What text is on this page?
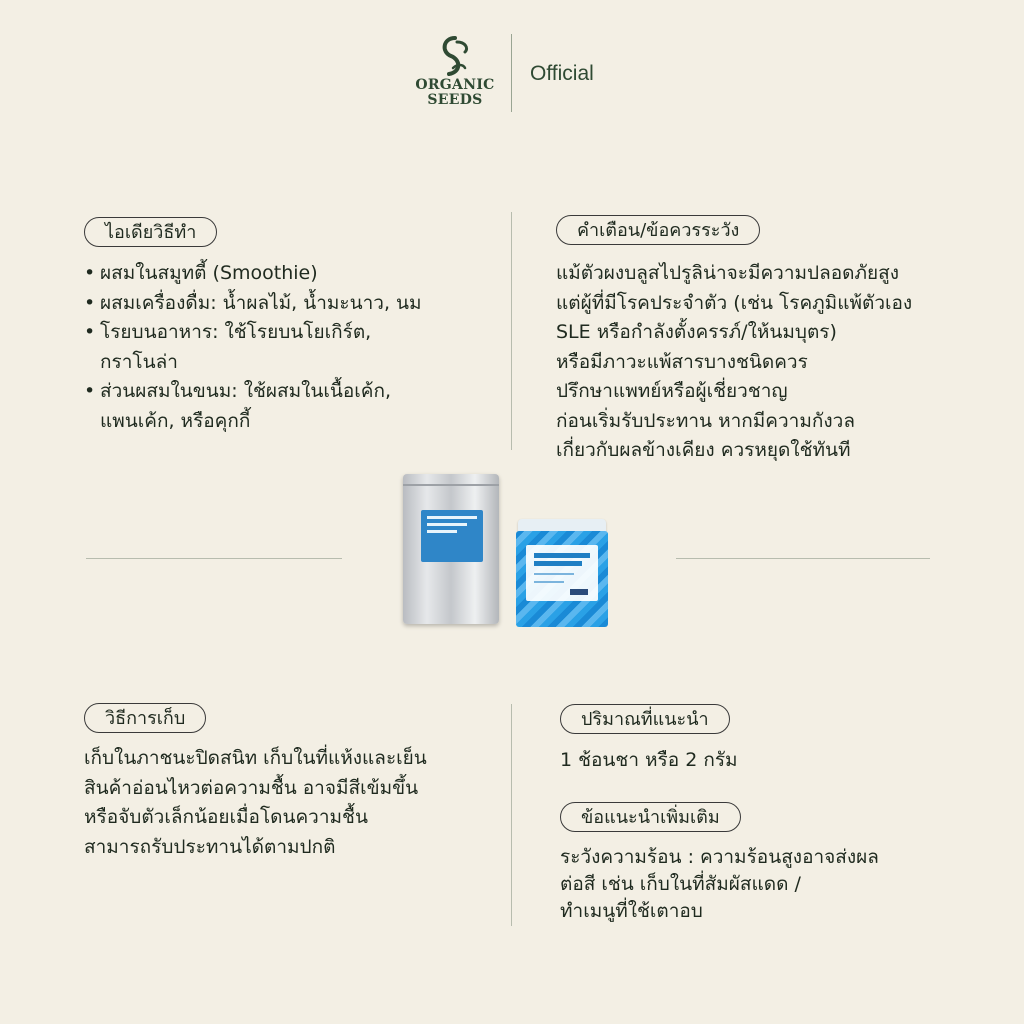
ORGANIC
SEEDS
Official
ไอเดียวิธีทำ
• ผสมในสมูทตี้ (Smoothie)
• ผสมเครื่องดื่ม: น้ำผลไม้, น้ำมะนาว, นม
• โรยบนอาหาร: ใช้โรยบนโยเกิร์ต,
กราโนล่า
• ส่วนผสมในขนม: ใช้ผสมในเนื้อเค้ก,
แพนเค้ก, หรือคุกกี้
คำเตือน/ข้อควรระวัง
แม้ตัวผงบลูสไปรูลิน่าจะมีความปลอดภัยสูง
แต่ผู้ที่มีโรคประจำตัว (เช่น โรคภูมิแพ้ตัวเอง
SLE หรือกำลังตั้งครรภ์/ให้นมบุตร)
หรือมีภาวะแพ้สารบางชนิดควร
ปรึกษาแพทย์หรือผู้เชี่ยวชาญ
ก่อนเริ่มรับประทาน หากมีความกังวล
เกี่ยวกับผลข้างเคียง ควรหยุดใช้ทันที
วิธีการเก็บ
เก็บในภาชนะปิดสนิท เก็บในที่แห้งและเย็น
สินค้าอ่อนไหวต่อความชื้น อาจมีสีเข้มขึ้น
หรือจับตัวเล็กน้อยเมื่อโดนความชื้น
สามารถรับประทานได้ตามปกติ
ปริมาณที่แนะนำ
1 ช้อนชา หรือ 2 กรัม
ข้อแนะนำเพิ่มเติม
ระวังความร้อน : ความร้อนสูงอาจส่งผล
ต่อสี เช่น เก็บในที่สัมผัสแดด /
ทำเมนูที่ใช้เตาอบ
